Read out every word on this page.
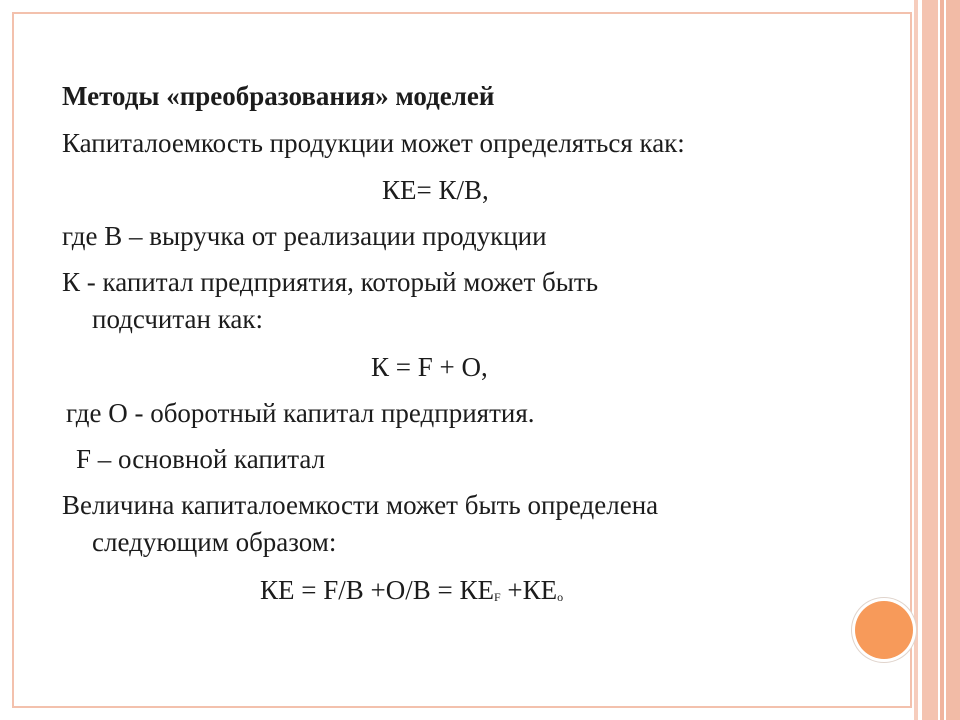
Методы «преобразования» моделей
Капиталоемкость продукции может определяться как:
КЕ= К/В,
где В – выручка от реализации продукции
К - капитал предприятия, который может быть
подсчитан как:
К = F + О,
где О - оборотный капитал предприятия.
F – основной капитал
Величина капиталоемкости может быть определена
следующим образом:
КЕ = F/B +O/B = КЕF +КЕо
